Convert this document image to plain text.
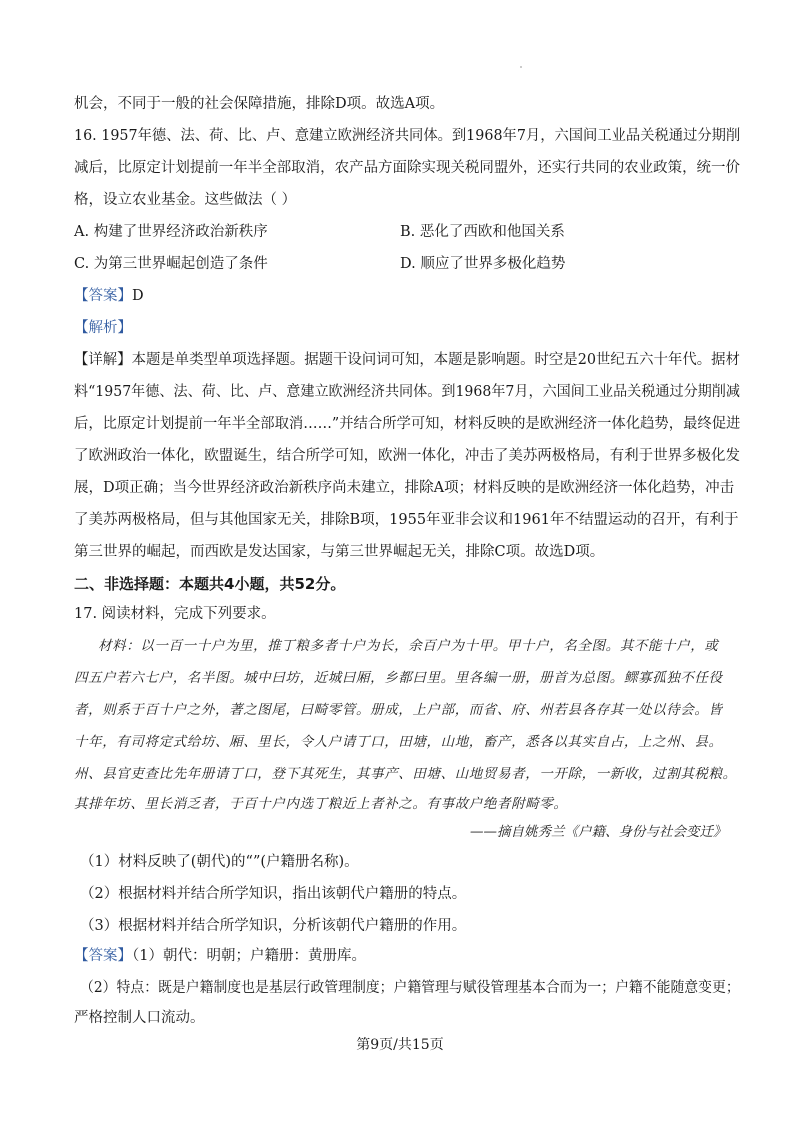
机会，不同于一般的社会保障措施，排除D项。故选A项。
16. 1957年德、法、荷、比、卢、意建立欧洲经济共同体。到1968年7月，六国间工业品关税通过分期削
减后，比原定计划提前一年半全部取消，农产品方面除实现关税同盟外，还实行共同的农业政策，统一价
格，设立农业基金。这些做法（ ）
A. 构建了世界经济政治新秩序	B. 恶化了西欧和他国关系
C. 为第三世界崛起创造了条件	D. 顺应了世界多极化趋势
【答案】D
【解析】
【详解】本题是单类型单项选择题。据题干设问词可知，本题是影响题。时空是20世纪五六十年代。据材
料“1957年德、法、荷、比、卢、意建立欧洲经济共同体。到1968年7月，六国间工业品关税通过分期削减
后，比原定计划提前一年半全部取消……”并结合所学可知，材料反映的是欧洲经济一体化趋势，最终促进
了欧洲政治一体化，欧盟诞生，结合所学可知，欧洲一体化，冲击了美苏两极格局，有利于世界多极化发
展，D项正确；当今世界经济政治新秩序尚未建立，排除A项；材料反映的是欧洲经济一体化趋势，冲击
了美苏两极格局，但与其他国家无关，排除B项，1955年亚非会议和1961年不结盟运动的召开，有利于
第三世界的崛起，而西欧是发达国家，与第三世界崛起无关，排除C项。故选D项。
二、非选择题：本题共4小题，共52分。
17. 阅读材料，完成下列要求。
材料：以一百一十户为里，推丁粮多者十户为长，余百户为十甲。甲十户，名全图。其不能十户，或
四五户若六七户，名半图。城中曰坊，近城曰厢，乡都曰里。里各编一册，册首为总图。鳏寡孤独不任役
者，则系于百十户之外，著之图尾，曰畸零管。册成，上户部，而省、府、州若县各存其一处以待会。皆
十年，有司将定式给坊、厢、里长，令人户请丁口，田塘，山地，畜产，悉各以其实自占，上之州、县。
州、县官吏查比先年册请丁口，登下其死生，其事产、田塘、山地贸易者，一开除，一新收，过割其税粮。
其排年坊、里长消乏者，于百十户内选丁粮近上者补之。有事故户绝者附畸零。
——摘自姚秀兰《户籍、身份与社会变迁》
（1）材料反映了(朝代)的“”(户籍册名称)。
（2）根据材料并结合所学知识，指出该朝代户籍册的特点。
（3）根据材料并结合所学知识，分析该朝代户籍册的作用。
【答案】（1）朝代：明朝；户籍册：黄册库。
（2）特点：既是户籍制度也是基层行政管理制度；户籍管理与赋役管理基本合而为一；户籍不能随意变更；
严格控制人口流动。
第9页/共15页
